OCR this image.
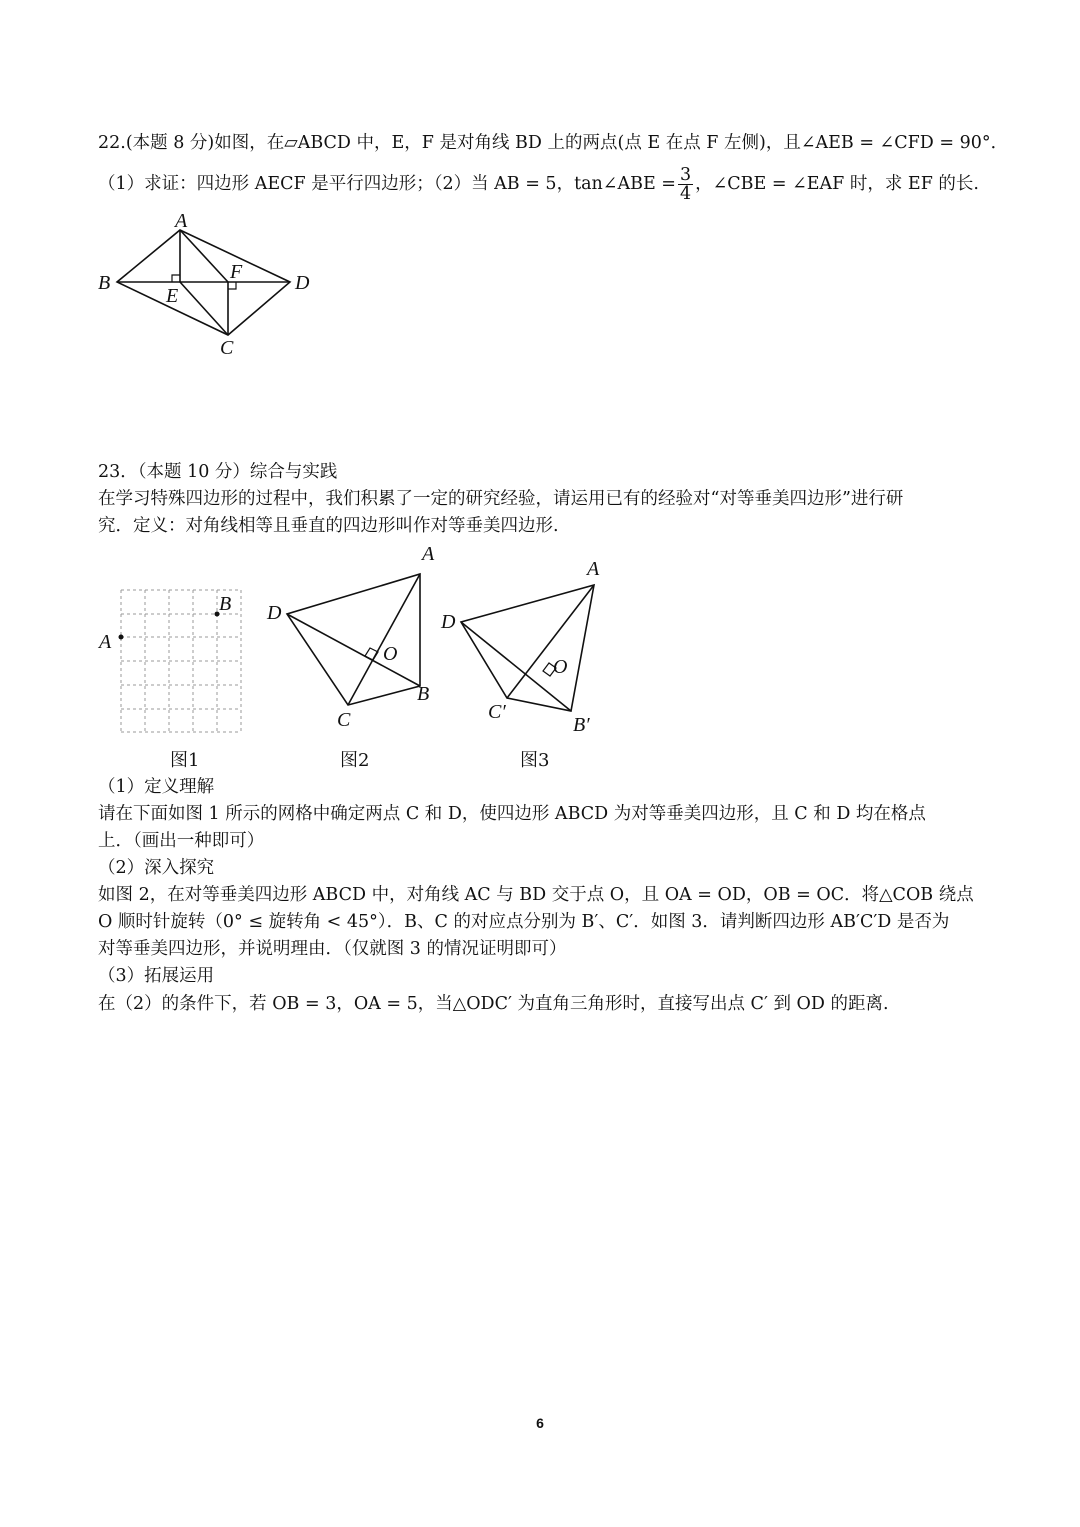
22.(本题 8 分)如图，在▱ABCD 中，E，F 是对角线 BD 上的两点(点 E 在点 F 左侧)，且∠AEB = ∠CFD = 90°．
（1）求证：四边形 AECF 是平行四边形；（2）当 AB = 5，tan∠ABE = $\frac{3}{4}$ ，∠CBE = ∠EAF 时，求 EF 的长.
A
B
E
F	D
C
23．（本题 10 分）综合与实践
在学习特殊四边形的过程中，我们积累了一定的研究经验，请运用已有的经验对“对等垂美四边形”进行研
究．定义：对角线相等且垂直的四边形叫作对等垂美四边形.
A
B
A
D
O
B
C
A
D
O
C′
B′
图1	图2	图3
（1）定义理解
请在下面如图 1 所示的网格中确定两点 C 和 D，使四边形 ABCD 为对等垂美四边形，且 C 和 D 均在格点
上．（画出一种即可）
（2）深入探究
如图 2，在对等垂美四边形 ABCD 中，对角线 AC 与 BD 交于点 O，且 OA = OD，OB = OC．将△COB 绕点
O 顺时针旋转（0° ≤ 旋转角 < 45°）．B、C 的对应点分别为 B′、C′．如图 3．请判断四边形 AB′C′D 是否为
对等垂美四边形，并说明理由．（仅就图 3 的情况证明即可）
（3）拓展运用
在（2）的条件下，若 OB = 3，OA = 5，当△ODC′ 为直角三角形时，直接写出点 C′ 到 OD 的距离.
6
